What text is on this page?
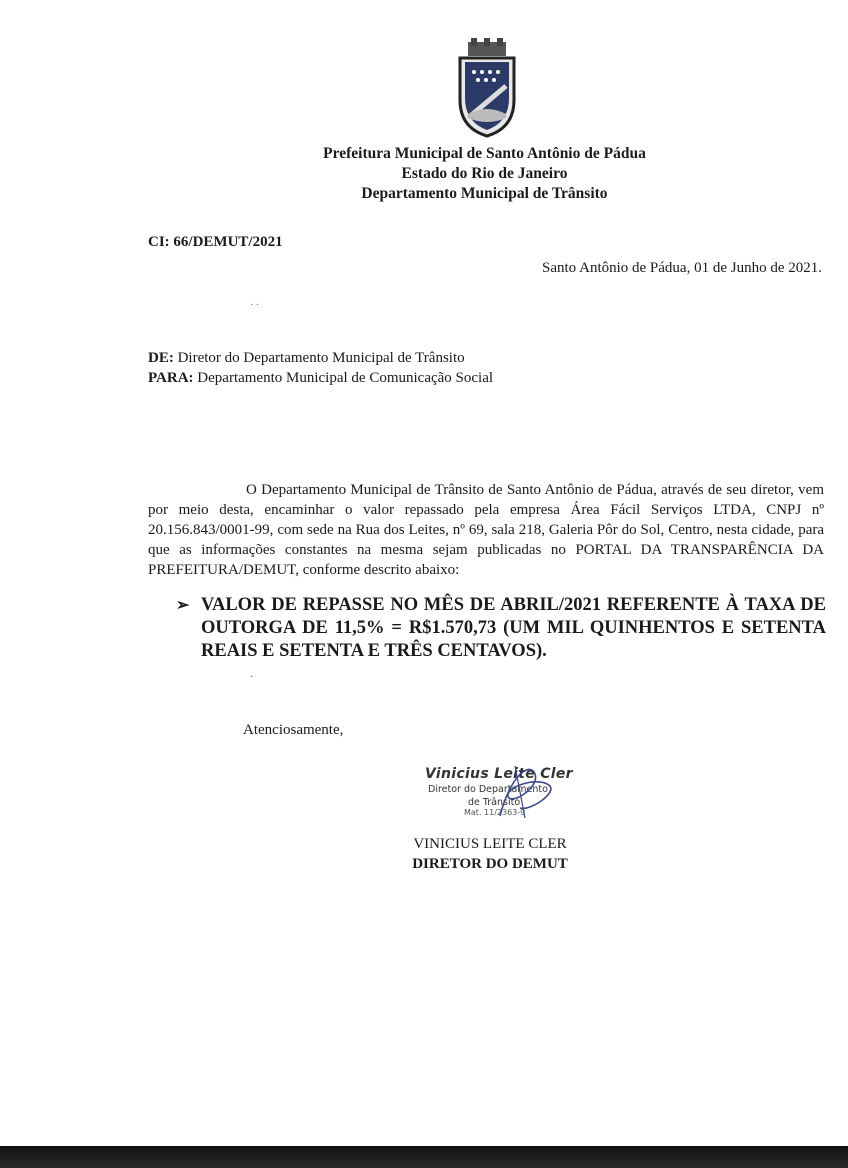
Prefeitura Municipal de Santo Antônio de Pádua
Estado do Rio de Janeiro
Departamento Municipal de Trânsito
CI: 66/DEMUT/2021
Santo Antônio de Pádua, 01 de Junho de 2021.
· ·
DE: Diretor do Departamento Municipal de Trânsito
PARA: Departamento Municipal de Comunicação Social
O Departamento Municipal de Trânsito de Santo Antônio de Pádua, através de seu diretor, vem por meio desta, encaminhar o valor repassado pela empresa Área Fácil Serviços LTDA, CNPJ nº 20.156.843/0001-99, com sede na Rua dos Leites, nº 69, sala 218, Galeria Pôr do Sol, Centro, nesta cidade, para que as informações constantes na mesma sejam publicadas no PORTAL DA TRANSPARÊNCIA DA PREFEITURA/DEMUT, conforme descrito abaixo:
➢ VALOR DE REPASSE NO MÊS DE ABRIL/2021 REFERENTE À TAXA DE OUTORGA DE 11,5% = R$1.570,73 (UM MIL QUINHENTOS E SETENTA REAIS E SETENTA E TRÊS CENTAVOS).
·
Atenciosamente,
Vinicius Leite Cler
Diretor do Departamento
de Trânsito
Mat. 11/2363-9
VINICIUS LEITE CLER
DIRETOR DO DEMUT
